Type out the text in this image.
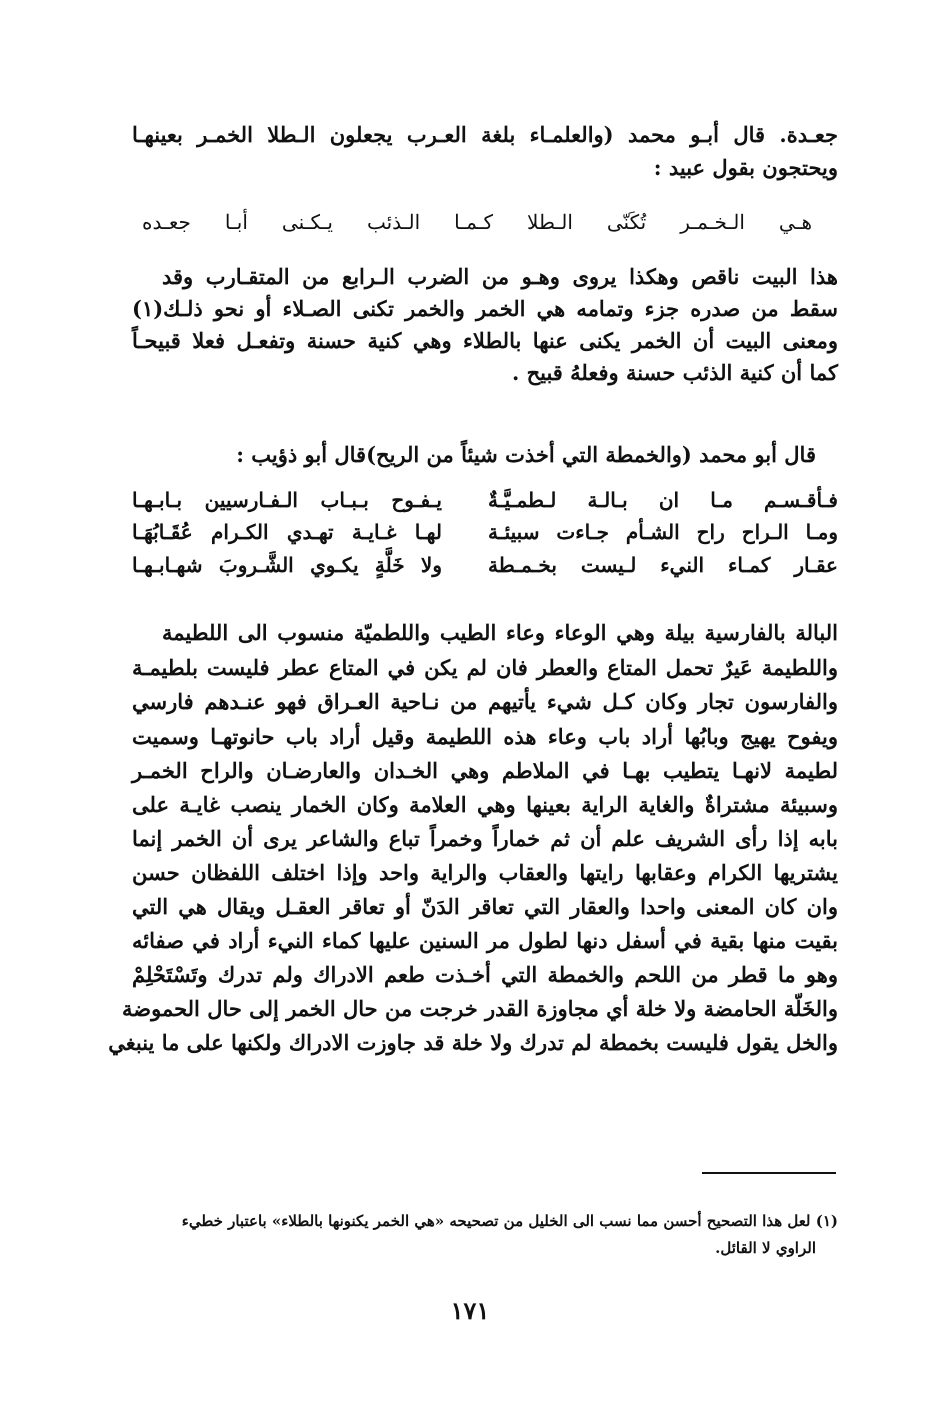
جعـدة. قال أبـو محمد (والعلمـاء بلغة العـرب يجعلون الـطلا الخمـر بعينهـا
ويحتجون بقول عبيد :
هـي الـخـمـر تُكَنّى الـطلا كـمـا الـذئب يـكـنى أبـا جعـده
هذا البيت ناقص وهكذا يروى وهـو من الضرب الـرابع من المتقـارب وقد
سقط من صدره جزء وتمامه هي الخمر والخمر تكنى الصـلاء أو نحو ذلـك(١)
ومعنى البيت أن الخمر يكنى عنها بالطلاء وهي كنية حسنة وتفعـل فعلا قبيحـاً
كما أن كنية الذئب حسنة وفعلهُ قبيح .
قال أبو محمد (والخمطة التي أخذت شيئاً من الريح)قال أبو ذؤيب :
فـأقـسـم مـا ان بـالـة لـطمـيَّـةٌ
يـفـوح بـبـاب الـفـارسيين بـابـهـا
ومـا الـراح راح الشـأم جـاءت سبيئـة
لهـا غـايـة تهـدي الكـرام عُقَـابُهَـا
عقـار كمـاء النيء لـيست بخـمـطة
ولا خَلَّةٍ يكـوي الشَّـروبَ شهـابـهـا
البالة بالفارسية بيلة وهي الوعاء وعاء الطيب واللطميّة منسوب الى اللطيمة
واللطيمة عَيرٌ تحمل المتاع والعطر فان لم يكن في المتاع عطر فليست بلطيمـة
والفارسون تجار وكان كـل شيء يأتيهم من نـاحية العـراق فهو عنـدهم فارسي
ويفوح يهيج وبابُها أراد باب وعاء هذه اللطيمة وقيل أراد باب حانوتهـا وسميت
لطيمة لانهـا يتطيب بهـا في الملاطم وهي الخـدان والعارضـان والراح الخمـر
وسبيئة مشتراةٌ والغاية الراية بعينها وهي العلامة وكان الخمار ينصب غايـة على
بابه إذا رأى الشريف علم أن ثم خماراً وخمراً تباع والشاعر يرى أن الخمر إنما
يشتريها الكرام وعقابها رايتها والعقاب والراية واحد وإذا اختلف اللفظان حسن
وان كان المعنى واحدا والعقار التي تعاقر الدَنّ أو تعاقر العقـل ويقال هي التي
بقيت منها بقية في أسفل دنها لطول مر السنين عليها كماء النيء أراد في صفائه
وهو ما قطر من اللحم والخمطة التي أخـذت طعم الادراك ولم تدرك وتَسْتَحْلِمْ
والخَلّة الحامضة ولا خلة أي مجاوزة القدر خرجت من حال الخمر إلى حال الحموضة
والخل يقول فليست بخمطة لم تدرك ولا خلة قد جاوزت الادراك ولكنها على ما ينبغي
(١) لعل هذا التصحيح أحسن مما نسب الى الخليل من تصحيحه «هي الخمر يكنونها بالطلاء» باعتبار خطيء
الراوي لا القائل.
١٧١
